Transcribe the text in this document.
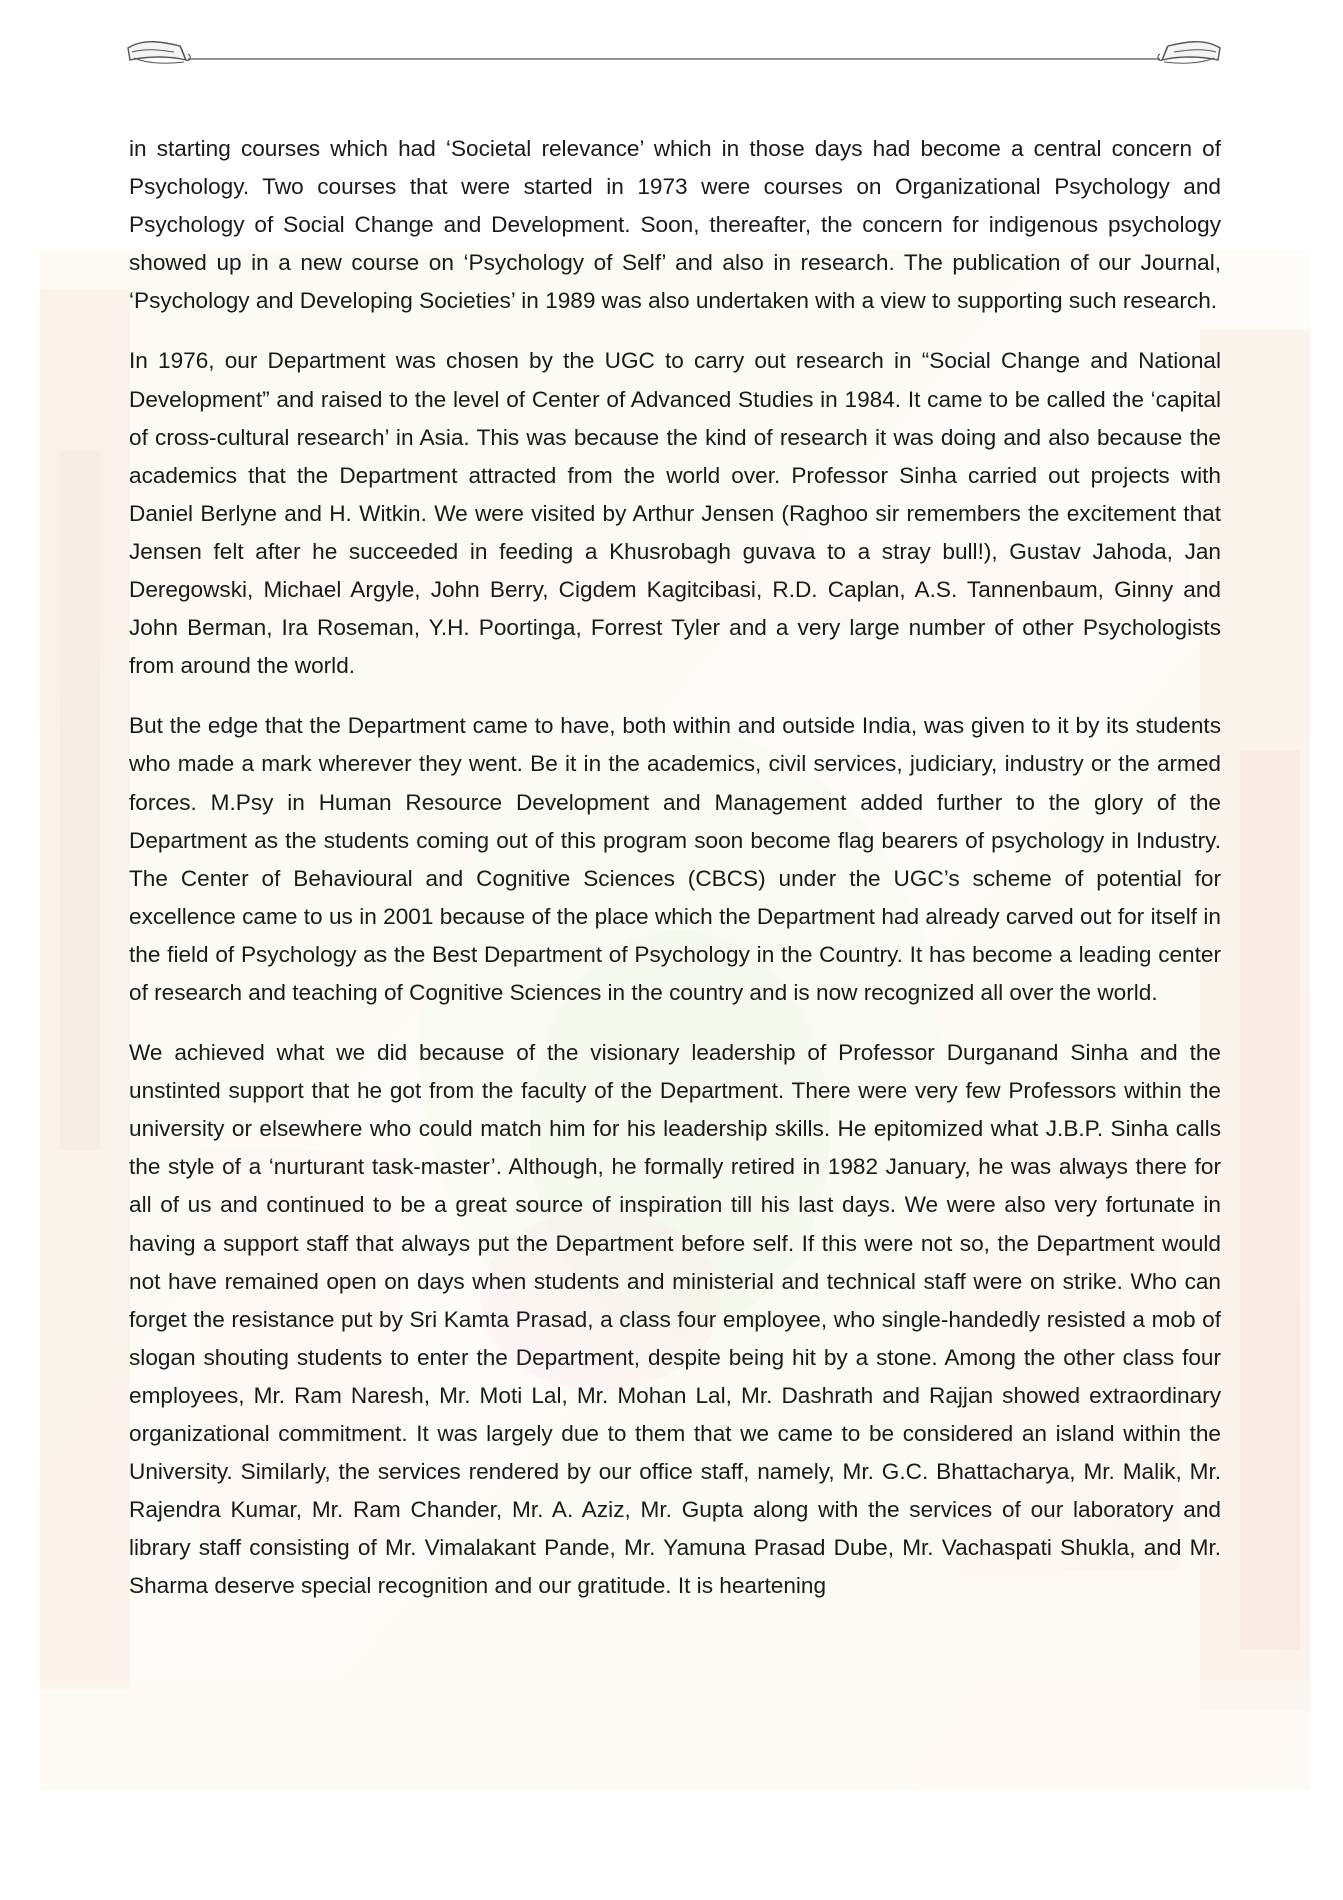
in starting courses which had ‘Societal relevance’ which in those days had become a central concern of Psychology. Two courses that were started in 1973 were courses on Organizational Psychology and Psychology of Social Change and Development. Soon, thereafter, the concern for indigenous psychology showed up in a new course on ‘Psychology of Self’ and also in research. The publication of our Journal, ‘Psychology and Developing Societies’ in 1989 was also undertaken with a view to supporting such research.

In 1976, our Department was chosen by the UGC to carry out research in “Social Change and National Development” and raised to the level of Center of Advanced Studies in 1984. It came to be called the ‘capital of cross-cultural research’ in Asia. This was because the kind of research it was doing and also because the academics that the Department attracted from the world over. Professor Sinha carried out projects with Daniel Berlyne and H. Witkin. We were visited by Arthur Jensen (Raghoo sir remembers the excitement that Jensen felt after he succeeded in feeding a Khusrobagh guvava to a stray bull!), Gustav Jahoda, Jan Deregowski, Michael Argyle, John Berry, Cigdem Kagitcibasi, R.D. Caplan, A.S. Tannenbaum, Ginny and John Berman, Ira Roseman, Y.H. Poortinga, Forrest Tyler and a very large number of other Psychologists from around the world.

But the edge that the Department came to have, both within and outside India, was given to it by its students who made a mark wherever they went. Be it in the academics, civil services, judiciary, industry or the armed forces. M.Psy in Human Resource Development and Management added further to the glory of the Department as the students coming out of this program soon become flag bearers of psychology in Industry. The Center of Behavioural and Cognitive Sciences (CBCS) under the UGC’s scheme of potential for excellence came to us in 2001 because of the place which the Department had already carved out for itself in the field of Psychology as the Best Department of Psychology in the Country. It has become a leading center of research and teaching of Cognitive Sciences in the country and is now recognized all over the world.

We achieved what we did because of the visionary leadership of Professor Durganand Sinha and the unstinted support that he got from the faculty of the Department. There were very few Professors within the university or elsewhere who could match him for his leadership skills. He epitomized what J.B.P. Sinha calls the style of a ‘nurturant task-master’. Although, he formally retired in 1982 January, he was always there for all of us and continued to be a great source of inspiration till his last days. We were also very fortunate in having a support staff that always put the Department before self. If this were not so, the Department would not have remained open on days when students and ministerial and technical staff were on strike. Who can forget the resistance put by Sri Kamta Prasad, a class four employee, who single-handedly resisted a mob of slogan shouting students to enter the Department, despite being hit by a stone. Among the other class four employees, Mr. Ram Naresh, Mr. Moti Lal, Mr. Mohan Lal, Mr. Dashrath and Rajjan showed extraordinary organizational commitment. It was largely due to them that we came to be considered an island within the University. Similarly, the services rendered by our office staff, namely, Mr. G.C. Bhattacharya, Mr. Malik, Mr. Rajendra Kumar, Mr. Ram Chander, Mr. A. Aziz, Mr. Gupta along with the services of our laboratory and library staff consisting of Mr. Vimalakant Pande, Mr. Yamuna Prasad Dube, Mr. Vachaspati Shukla, and Mr. Sharma deserve special recognition and our gratitude. It is heartening
